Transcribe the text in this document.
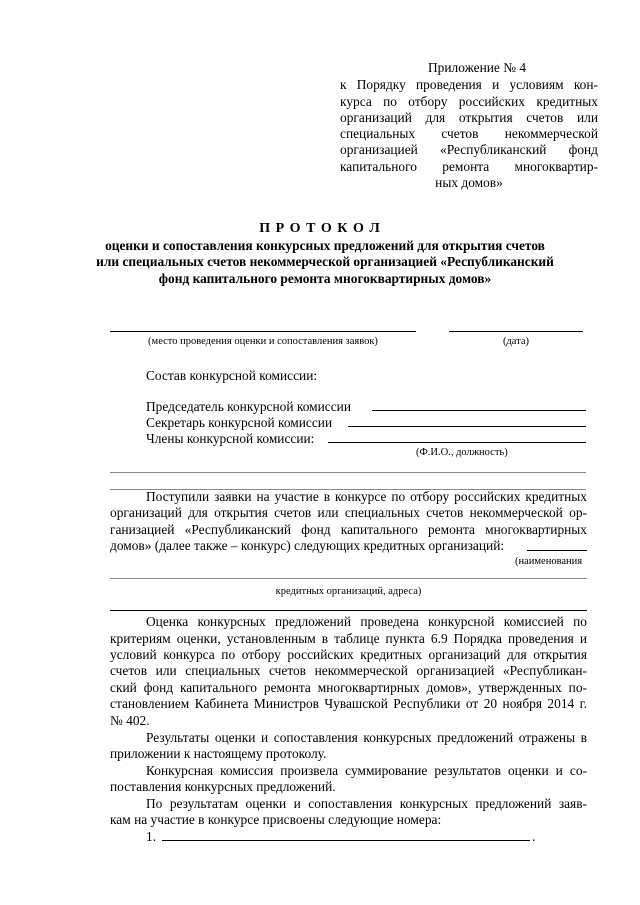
Приложение № 4
к Порядку проведения и условиям кон-
курса по отбору российских кредитных
организаций для открытия счетов или
специальных счетов некоммерческой
организацией «Республиканский фонд
капитального ремонта многоквартир-
ных домов»
П Р О Т О К О Л
оценки и сопоставления конкурсных предложений для открытия счетов
или специальных счетов некоммерческой организацией «Республиканский
фонд капитального ремонта многоквартирных домов»
(место проведения оценки и сопоставления заявок)	(дата)
Состав конкурсной комиссии:
Председатель конкурсной комиссии
Секретарь конкурсной комиссии
Члены конкурсной комиссии:
(Ф.И.О., должность)
Поступили заявки на участие в конкурсе по отбору российских кредитных
организаций для открытия счетов или специальных счетов некоммерческой ор-
ганизацией «Республиканский фонд капитального ремонта многоквартирных
домов» (далее также – конкурс) следующих кредитных организаций:
(наименования
кредитных организаций, адреса)
Оценка конкурсных предложений проведена конкурсной комиссией по
критериям оценки, установленным в таблице пункта 6.9 Порядка проведения и
условий конкурса по отбору российских кредитных организаций для открытия
счетов или специальных счетов некоммерческой организацией «Республикан-
ский фонд капитального ремонта многоквартирных домов», утвержденных по-
становлением Кабинета Министров Чувашской Республики от 20 ноября 2014 г.
№ 402.
Результаты оценки и сопоставления конкурсных предложений отражены в
приложении к настоящему протоколу.
Конкурсная комиссия произвела суммирование результатов оценки и со-
поставления конкурсных предложений.
По результатам оценки и сопоставления конкурсных предложений заяв-
кам на участие в конкурсе присвоены следующие номера:
1.	.
